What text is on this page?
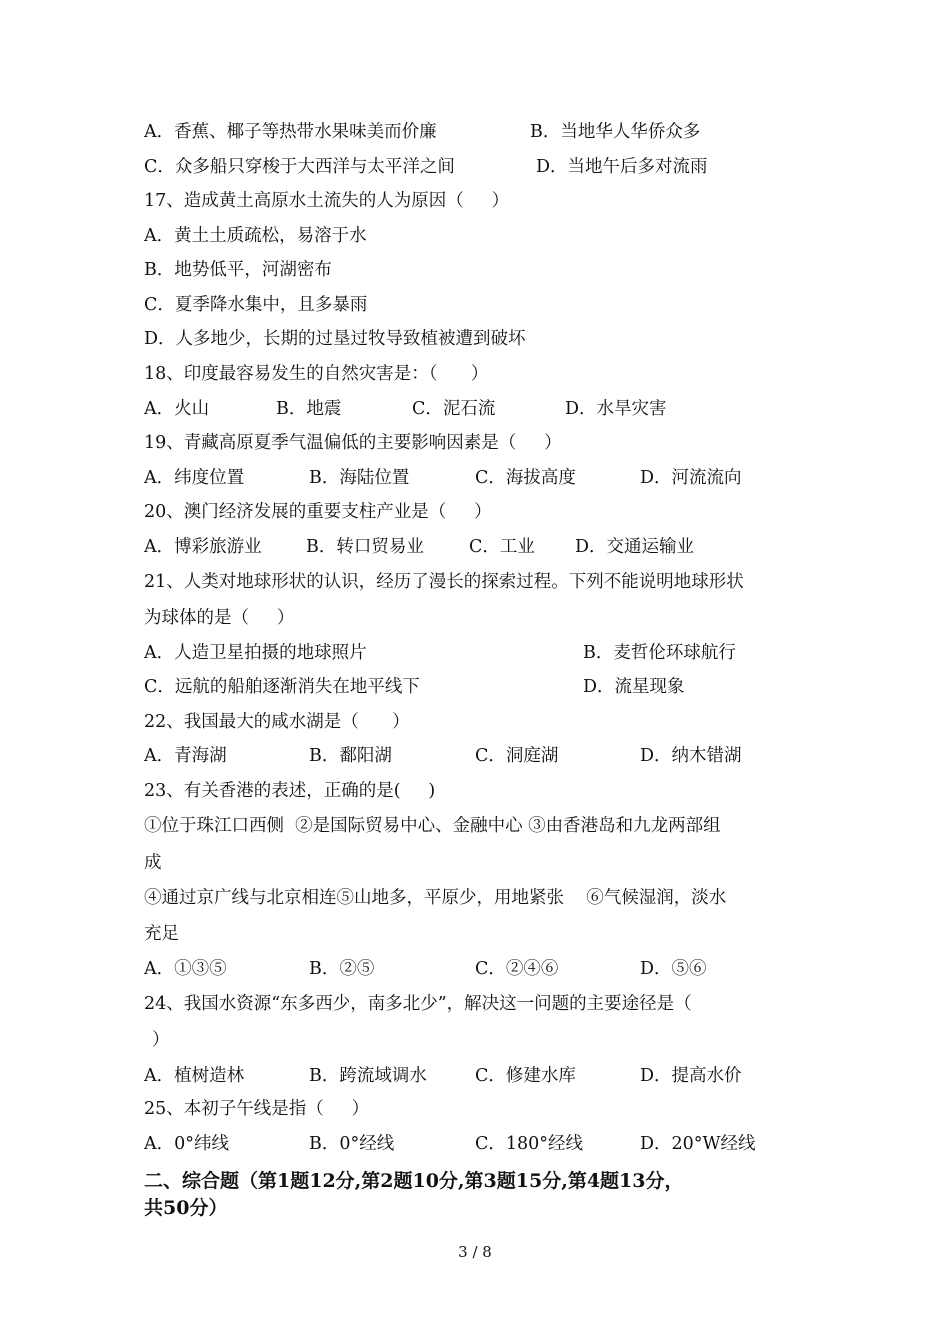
A．香蕉、椰子等热带水果味美而价廉	B．当地华人华侨众多
C．众多船只穿梭于大西洋与太平洋之间	D．当地午后多对流雨
17、造成黄土高原水土流失的人为原因（     ）
A．黄土土质疏松，易溶于水
B．地势低平，河湖密布
C．夏季降水集中，且多暴雨
D．人多地少，长期的过垦过牧导致植被遭到破坏
18、印度最容易发生的自然灾害是：（      ）
A．火山	B．地震	C．泥石流	D．水旱灾害
19、青藏高原夏季气温偏低的主要影响因素是（     ）
A．纬度位置	B．海陆位置	C．海拔高度	D．河流流向
20、澳门经济发展的重要支柱产业是（     ）
A．博彩旅游业	B．转口贸易业	C．工业 D．交通运输业
21、人类对地球形状的认识，经历了漫长的探索过程。下列不能说明地球形状
为球体的是（     ）
A．人造卫星拍摄的地球照片	B．麦哲伦环球航行
C．远航的船舶逐渐消失在地平线下	D．流星现象
22、我国最大的咸水湖是（      ）
A．青海湖	B．鄱阳湖	C．洞庭湖	D．纳木错湖
23、有关香港的表述，正确的是(     )
①位于珠江口西侧  ②是国际贸易中心、金融中心 ③由香港岛和九龙两部组
成
④通过京广线与北京相连⑤山地多，平原少，用地紧张    ⑥气候湿润，淡水
充足
A．①③⑤	B．②⑤	C．②④⑥	D．⑤⑥
24、我国水资源“东多西少，南多北少”，解决这一问题的主要途径是（
）
A．植树造林	B．跨流域调水	C．修建水库	D．提高水价
25、本初子午线是指（     ）
A．0°纬线	B．0°经线	C．180°经线	D．20°W经线
二、综合题（第1题12分,第2题10分,第3题15分,第4题13分，
共50分）
3 / 8
